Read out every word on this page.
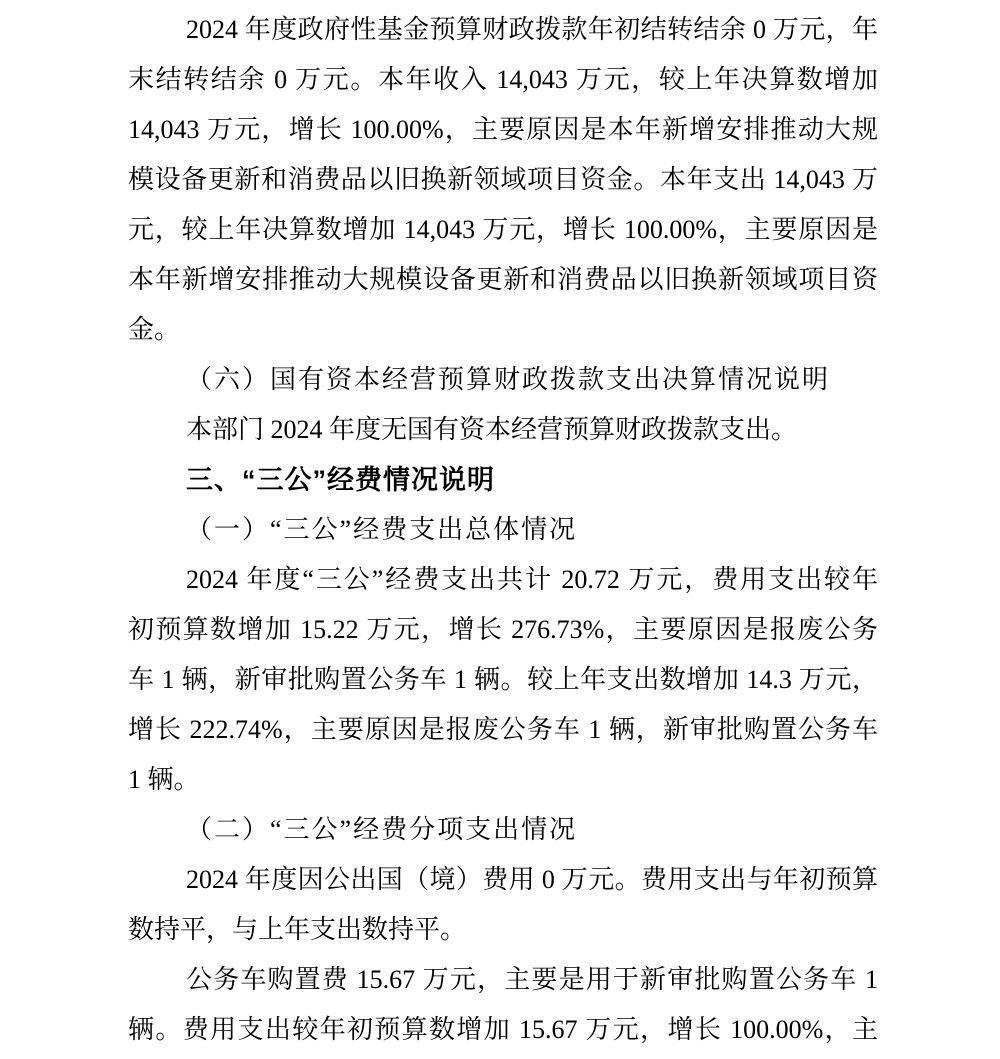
2024 年度政府性基金预算财政拨款年初结转结余 0 万元，年
末结转结余 0 万元。本年收入 14,043 万元，较上年决算数增加
14,043 万元，增长 100.00%，主要原因是本年新增安排推动大规
模设备更新和消费品以旧换新领域项目资金。本年支出 14,043 万
元，较上年决算数增加 14,043 万元，增长 100.00%，主要原因是
本年新增安排推动大规模设备更新和消费品以旧换新领域项目资
金。
（六）国有资本经营预算财政拨款支出决算情况说明
本部门 2024 年度无国有资本经营预算财政拨款支出。
三、“三公”经费情况说明
（一）“三公”经费支出总体情况
2024 年度“三公”经费支出共计 20.72 万元，费用支出较年
初预算数增加 15.22 万元，增长 276.73%，主要原因是报废公务
车 1 辆，新审批购置公务车 1 辆。较上年支出数增加 14.3 万元，
增长 222.74%，主要原因是报废公务车 1 辆，新审批购置公务车
1 辆。
（二）“三公”经费分项支出情况
2024 年度因公出国（境）费用 0 万元。费用支出与年初预算
数持平，与上年支出数持平。
公务车购置费 15.67 万元，主要是用于新审批购置公务车 1
辆。费用支出较年初预算数增加 15.67 万元，增长 100.00%，主
